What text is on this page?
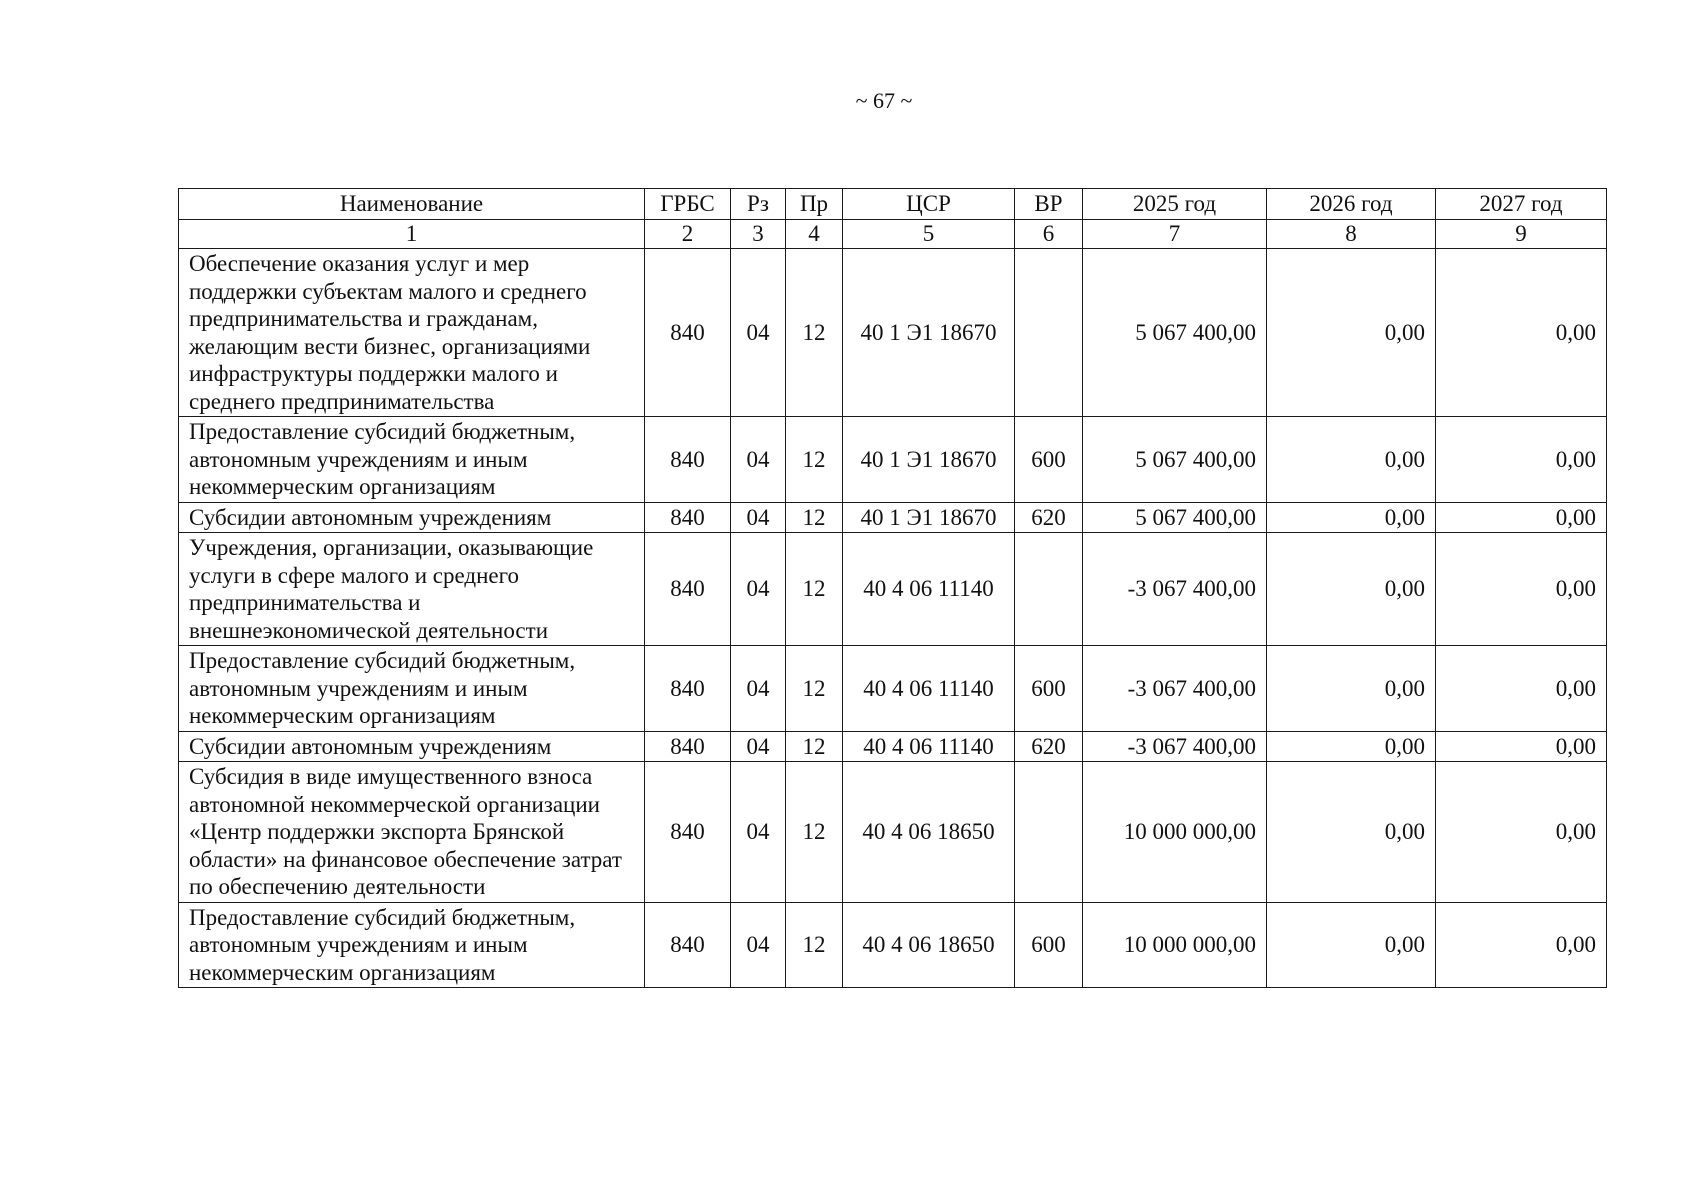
~ 67 ~
Наименование	ГРБС	Рз	Пр	ЦСР	ВР	2025 год	2026 год	2027 год
1	2	3	4	5	6	7	8	9
Обеспечение оказания услуг и мер поддержки субъектам малого и среднего предпринимательства и гражданам, желающим вести бизнес, организациями инфраструктуры поддержки малого и среднего предпринимательства	840	04	12	40 1 Э1 18670		5 067 400,00	0,00	0,00
Предоставление субсидий бюджетным, автономным учреждениям и иным некоммерческим организациям	840	04	12	40 1 Э1 18670	600	5 067 400,00	0,00	0,00
Субсидии автономным учреждениям	840	04	12	40 1 Э1 18670	620	5 067 400,00	0,00	0,00
Учреждения, организации, оказывающие услуги в сфере малого и среднего предпринимательства и внешнеэкономической деятельности	840	04	12	40 4 06 11140		-3 067 400,00	0,00	0,00
Предоставление субсидий бюджетным, автономным учреждениям и иным некоммерческим организациям	840	04	12	40 4 06 11140	600	-3 067 400,00	0,00	0,00
Субсидии автономным учреждениям	840	04	12	40 4 06 11140	620	-3 067 400,00	0,00	0,00
Субсидия в виде имущественного взноса автономной некоммерческой организации «Центр поддержки экспорта Брянской области» на финансовое обеспечение затрат по обеспечению деятельности	840	04	12	40 4 06 18650		10 000 000,00	0,00	0,00
Предоставление субсидий бюджетным, автономным учреждениям и иным некоммерческим организациям	840	04	12	40 4 06 18650	600	10 000 000,00	0,00	0,00
